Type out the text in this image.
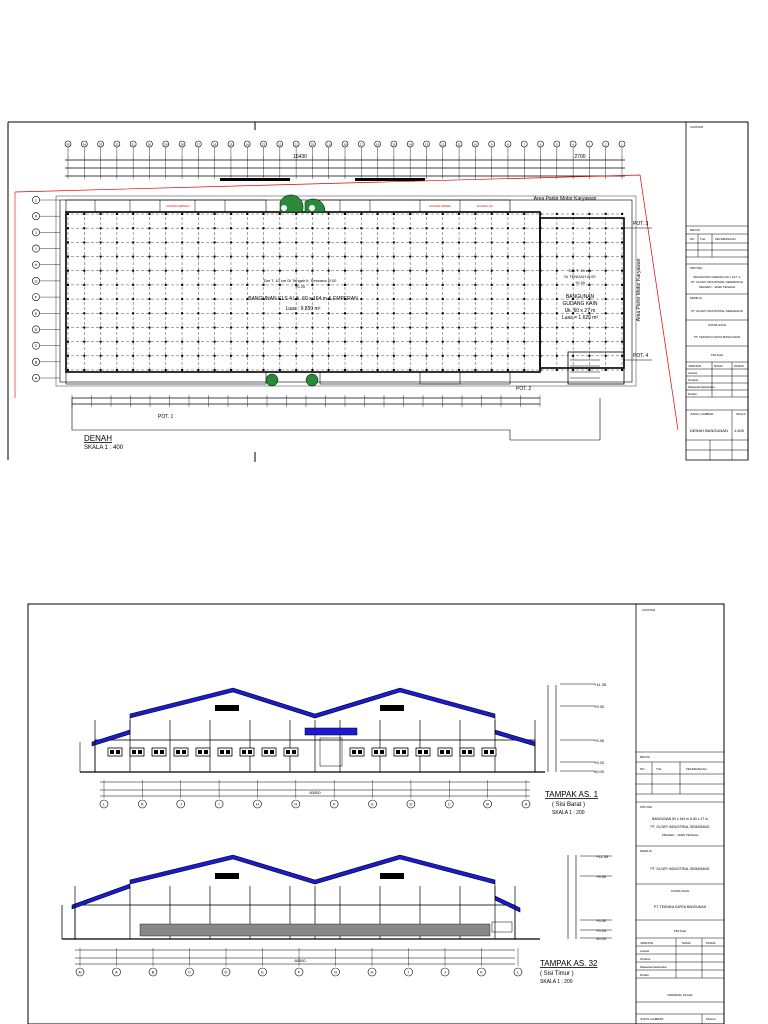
35	34	33	32	31	30	29	28	27	26	25	24	23	22	21	20	19	18	17	16	15	14	13	12	11	10	9	8	7	6	5	4	3	2	1
L
K
J
I
H
G
F
E
D
C
B
A
16430	2700
RUANG KEPALA	RUANG ADMIN	RUANG QC
Dar T. 10 cm Di Tengah lt. Rencana Ø.00
+0.20
BANGUNAN CLS 4 Uk. 60 x 164 m & EMPERAN
Luas : 9.850 m²
Dar T. 10 cm
Di TENGAH Ø.00
+0.20
BANGUNAN
GUDANG KAIN
Uk. 60 x 27 m
Luas = 1.620 m²
Area Parkir Motor Karyawan
Area Parkir Motor Karyawan
POT. 1
POT. 2
POT. 3
POT. 4
DENAH
SKALA 1 : 400
CATATAN
REVISI
NO TGL	KETERANGAN
PROYEK
BANGUNAN GEDUNG 60 x 217 m
PT. GLORY INDUSTRIAL SEMARANG
SRAGEN - JAWA TENGAH
PEMILIK
PT. GLORY INDUSTRIAL SEMARANG
KONSULTAN
PT. TEKNIKA KARYA BANGUNAN
TIM AHLI
JABATAN	NAMA	PARAF
Arsitek
Struktur
Mekanikal Elektrikal
Drafter
JUDUL GAMBAR	SKALA
DENAH BANGUNAN 1:400
60000
L	K	J	I	H	G	F	E	D	C	B	A
+11.35
+9.30
+5.30
+0.20
±0.00
TAMPAK AS. 1
( Sisi Barat )
SKALA 1 : 200
60000
A'	A	B	C	D	E	F	G	H	I	J	K	L
+11.35
+9.30
+5.30
+0.20
±0.00
TAMPAK AS. 32
( Sisi Timur )
SKALA 1 : 200
CATATAN
REVISI
NO	TGL	KETERANGAN
PROYEK
BANGUNAN 60 x 164 m & 60 x 27 m
PT. GLORY INDUSTRIAL SEMARANG
SRAGEN - JAWA TENGAH
PEMILIK
PT. GLORY INDUSTRIAL SEMARANG
KONSULTAN
PT. TEKNIKA KARYA BANGUNAN
TIM AHLI
JABATAN	NAMA	PARAF
Arsitek
Struktur
Mekanikal Elektrikal
Drafter
DRAWING SCALE
JUDUL GAMBAR	SKALA
